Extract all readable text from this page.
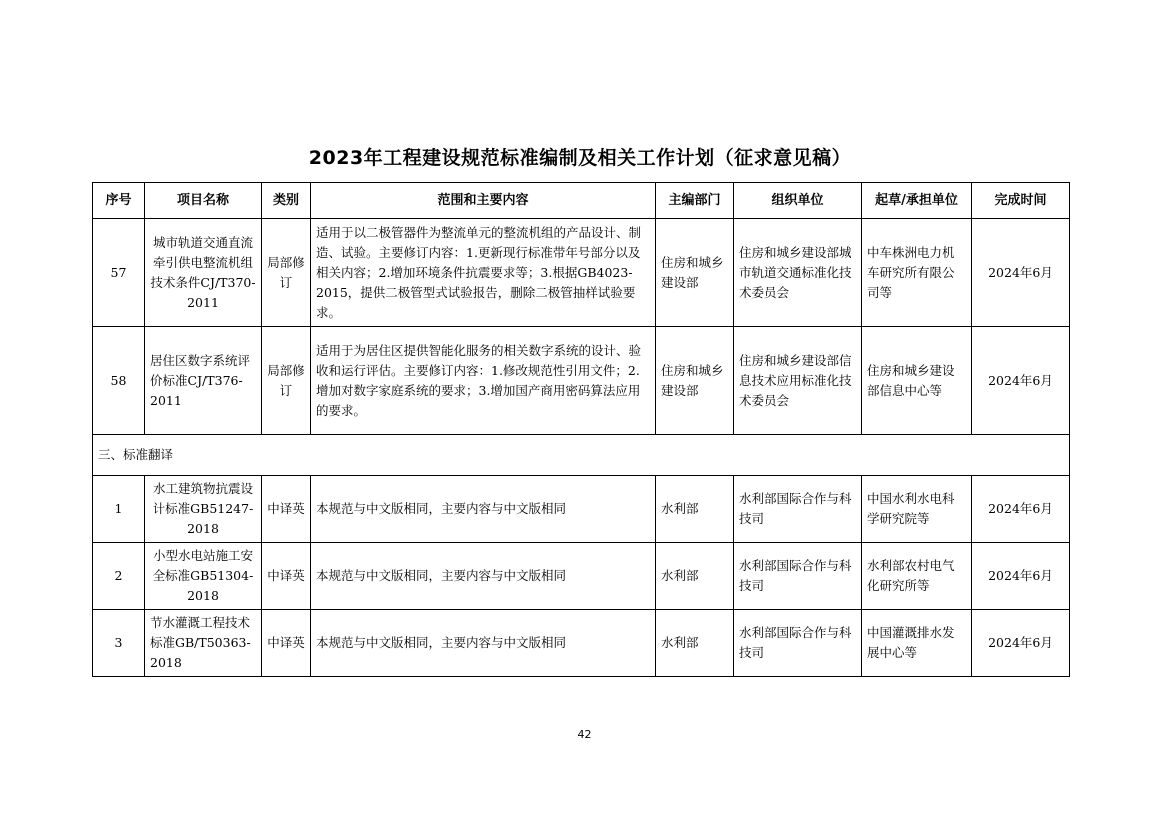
2023年工程建设规范标准编制及相关工作计划（征求意见稿）
序号	项目名称	类别	范围和主要内容	主编部门	组织单位	起草/承担单位	完成时间
57	城市轨道交通直流牵引供电整流机组技术条件CJ/T370-2011	局部修订	适用于以二极管器件为整流单元的整流机组的产品设计、制造、试验。主要修订内容：1.更新现行标准带年号部分以及相关内容；2.增加环境条件抗震要求等；3.根据GB4023-2015，提供二极管型式试验报告，删除二极管抽样试验要求。	住房和城乡建设部	住房和城乡建设部城市轨道交通标准化技术委员会	中车株洲电力机车研究所有限公司等	2024年6月
58	居住区数字系统评价标准CJ/T376-2011	局部修订	适用于为居住区提供智能化服务的相关数字系统的设计、验收和运行评估。主要修订内容：1.修改规范性引用文件；2.增加对数字家庭系统的要求；3.增加国产商用密码算法应用的要求。	住房和城乡建设部	住房和城乡建设部信息技术应用标准化技术委员会	住房和城乡建设部信息中心等	2024年6月
三、标准翻译							
1	水工建筑物抗震设计标准GB51247-2018	中译英	本规范与中文版相同，主要内容与中文版相同	水利部	水利部国际合作与科技司	中国水利水电科学研究院等	2024年6月
2	小型水电站施工安全标准GB51304-2018	中译英	本规范与中文版相同，主要内容与中文版相同	水利部	水利部国际合作与科技司	水利部农村电气化研究所等	2024年6月
3	节水灌溉工程技术标准GB/T50363-2018	中译英	本规范与中文版相同，主要内容与中文版相同	水利部	水利部国际合作与科技司	中国灌溉排水发展中心等	2024年6月
42
